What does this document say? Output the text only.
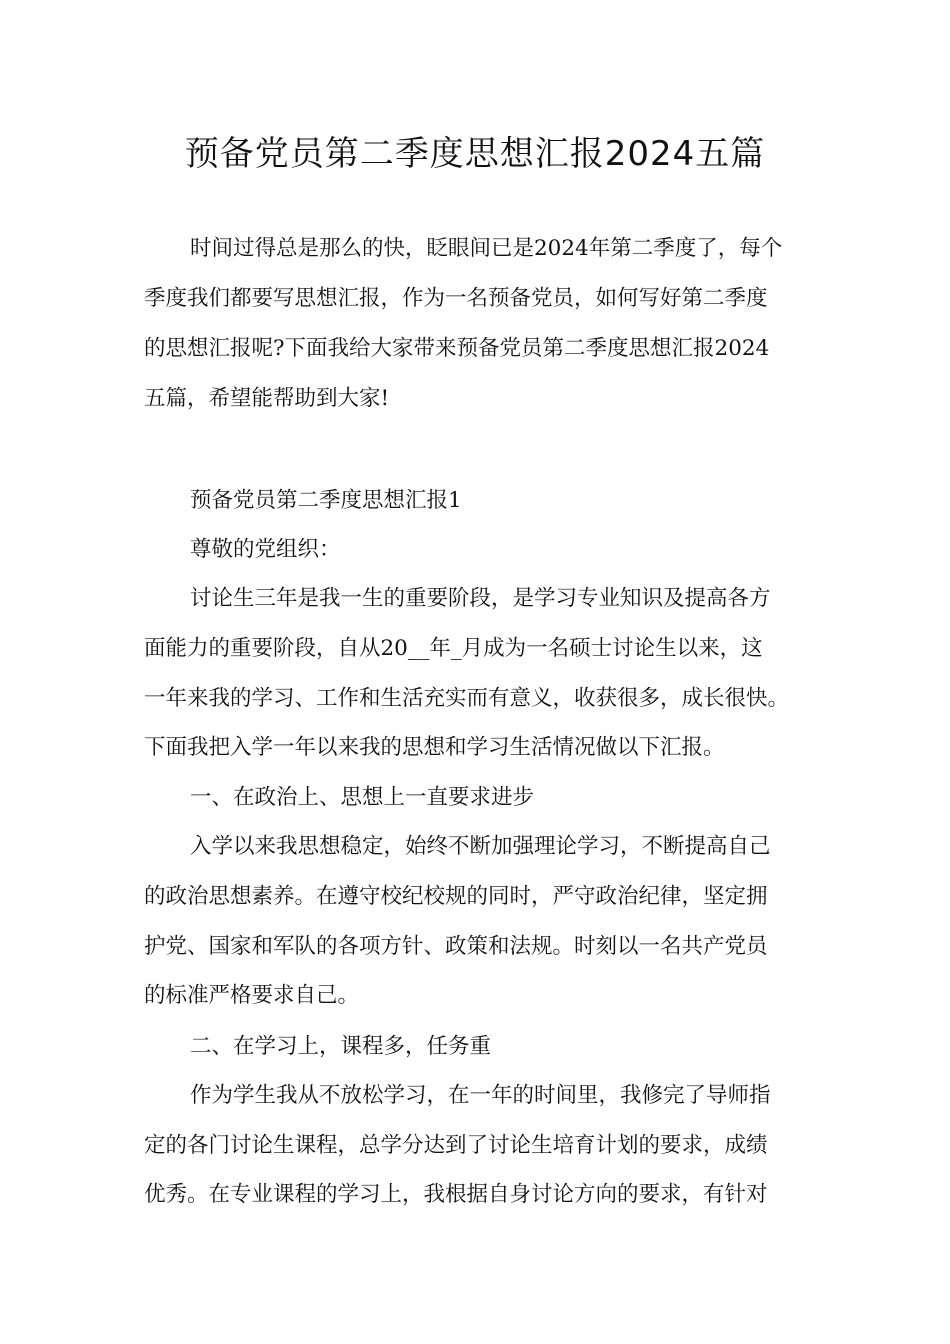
预备党员第二季度思想汇报2024五篇
时间过得总是那么的快，眨眼间已是2024年第二季度了，每个
季度我们都要写思想汇报，作为一名预备党员，如何写好第二季度
的思想汇报呢?下面我给大家带来预备党员第二季度思想汇报2024
五篇，希望能帮助到大家!
预备党员第二季度思想汇报1
尊敬的党组织：
讨论生三年是我一生的重要阶段，是学习专业知识及提高各方
面能力的重要阶段，自从20__年_月成为一名硕士讨论生以来，这
一年来我的学习、工作和生活充实而有意义，收获很多，成长很快。
下面我把入学一年以来我的思想和学习生活情况做以下汇报。
一、在政治上、思想上一直要求进步
入学以来我思想稳定，始终不断加强理论学习，不断提高自己
的政治思想素养。在遵守校纪校规的同时，严守政治纪律，坚定拥
护党、国家和军队的各项方针、政策和法规。时刻以一名共产党员
的标准严格要求自己。
二、在学习上，课程多，任务重
作为学生我从不放松学习，在一年的时间里，我修完了导师指
定的各门讨论生课程，总学分达到了讨论生培育计划的要求，成绩
优秀。在专业课程的学习上，我根据自身讨论方向的要求，有针对
